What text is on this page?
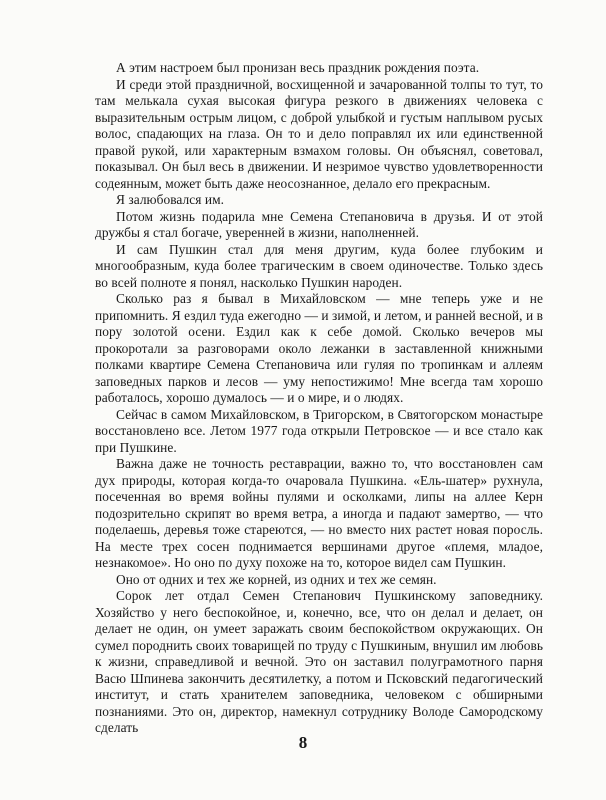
А этим настроем был пронизан весь праздник рождения поэта.

И среди этой праздничной, восхищенной и зачарованной толпы то тут, то там мелькала сухая высокая фигура резкого в движениях человека с выразительным острым лицом, с доброй улыбкой и густым наплывом русых волос, спадающих на глаза. Он то и дело поправлял их или единственной правой рукой, или характерным взмахом головы. Он объяснял, советовал, показывал. Он был весь в движении. И незримое чувство удовлетворенности содеянным, может быть даже неосознанное, делало его прекрасным.

Я залюбовался им.

Потом жизнь подарила мне Семена Степановича в друзья. И от этой дружбы я стал богаче, уверенней в жизни, наполненней.

И сам Пушкин стал для меня другим, куда более глубоким и многообразным, куда более трагическим в своем одиночестве. Только здесь во всей полноте я понял, насколько Пушкин народен.

Сколько раз я бывал в Михайловском — мне теперь уже и не припомнить. Я ездил туда ежегодно — и зимой, и летом, и ранней весной, и в пору золотой осени. Ездил как к себе домой. Сколько вечеров мы прокоротали за разговорами около лежанки в заставленной книжными полками квартире Семена Степановича или гуляя по тропинкам и аллеям заповедных парков и лесов — уму непостижимо! Мне всегда там хорошо работалось, хорошо думалось — и о мире, и о людях.

Сейчас в самом Михайловском, в Тригорском, в Святогорском монастыре восстановлено все. Летом 1977 года открыли Петровское — и все стало как при Пушкине.

Важна даже не точность реставрации, важно то, что восстановлен сам дух природы, которая когда-то очаровала Пушкина. «Ель-шатер» рухнула, посеченная во время войны пулями и осколками, липы на аллее Керн подозрительно скрипят во время ветра, а иногда и падают замертво, — что поделаешь, деревья тоже стареются, — но вместо них растет новая поросль. На месте трех сосен поднимается вершинами другое «племя, младое, незнакомое». Но оно по духу похоже на то, которое видел сам Пушкин.

Оно от одних и тех же корней, из одних и тех же семян.

Сорок лет отдал Семен Степанович Пушкинскому заповеднику. Хозяйство у него беспокойное, и, конечно, все, что он делал и делает, он делает не один, он умеет заражать своим беспокойством окружающих. Он сумел породнить своих товарищей по труду с Пушкиным, внушил им любовь к жизни, справедливой и вечной. Это он заставил полуграмотного парня Васю Шпинева закончить десятилетку, а потом и Псковский педагогический институт, и стать хранителем заповедника, человеком с обширными познаниями. Это он, директор, намекнул сотруднику Володе Самородскому сделать

8
